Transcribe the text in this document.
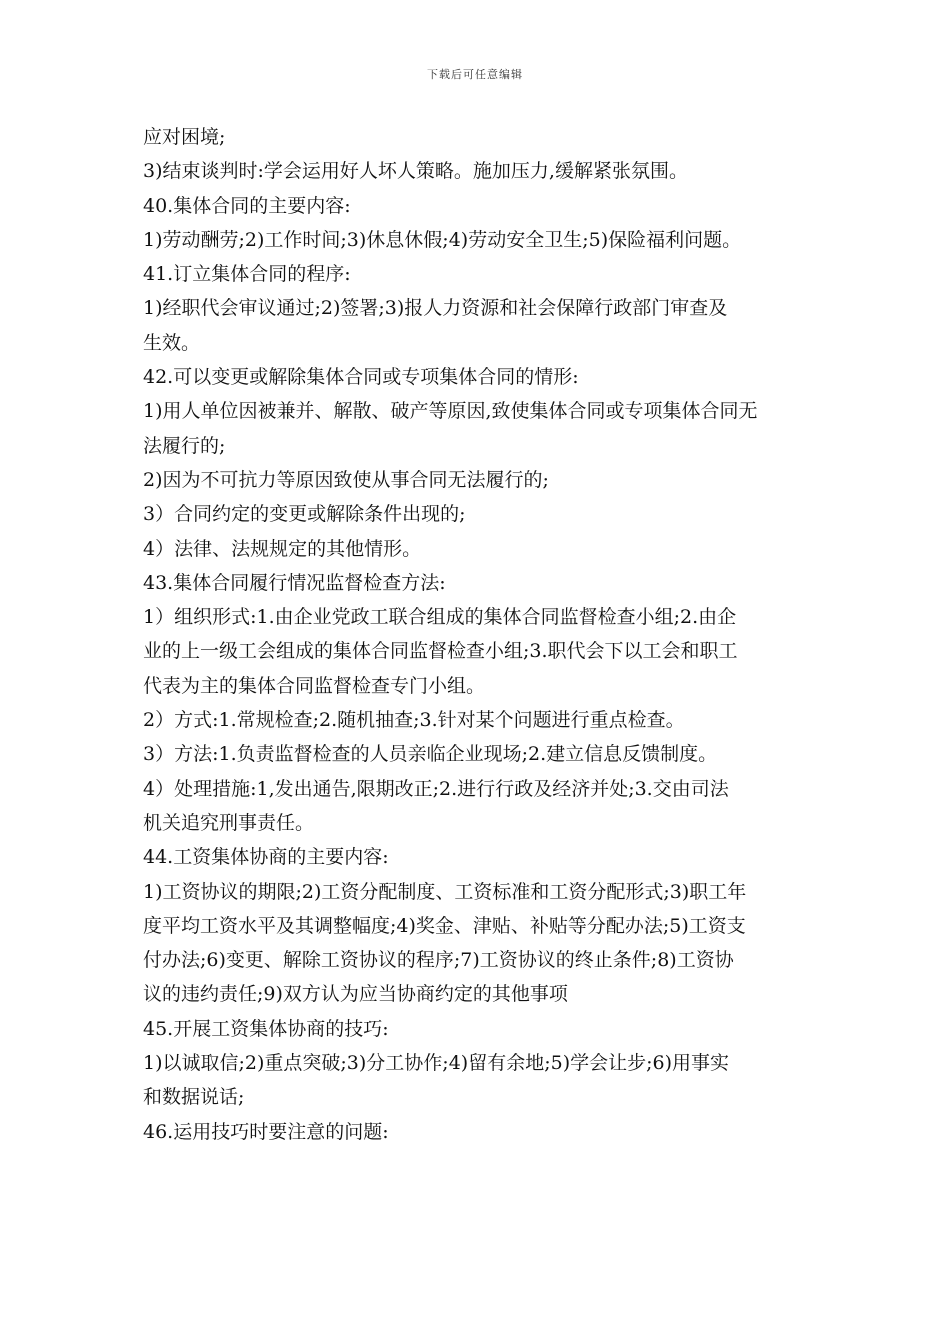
下载后可任意编辑
应对困境;
3)结束谈判时:学会运用好人坏人策略。施加压力,缓解紧张氛围。
40.集体合同的主要内容:
1)劳动酬劳;2)工作时间;3)休息休假;4)劳动安全卫生;5)保险福利问题。
41.订立集体合同的程序:
1)经职代会审议通过;2)签署;3)报人力资源和社会保障行政部门审查及
生效。
42.可以变更或解除集体合同或专项集体合同的情形:
1)用人单位因被兼并、解散、破产等原因,致使集体合同或专项集体合同无
法履行的;
2)因为不可抗力等原因致使从事合同无法履行的;
3）合同约定的变更或解除条件出现的;
4）法律、法规规定的其他情形。
43.集体合同履行情况监督检查方法:
1）组织形式:1.由企业党政工联合组成的集体合同监督检查小组;2.由企
业的上一级工会组成的集体合同监督检查小组;3.职代会下以工会和职工
代表为主的集体合同监督检查专门小组。
2）方式:1.常规检查;2.随机抽查;3.针对某个问题进行重点检查。
3）方法:1.负责监督检查的人员亲临企业现场;2.建立信息反馈制度。
4）处理措施:1,发出通告,限期改正;2.进行行政及经济并处;3.交由司法
机关追究刑事责任。
44.工资集体协商的主要内容:
1)工资协议的期限;2)工资分配制度、工资标准和工资分配形式;3)职工年
度平均工资水平及其调整幅度;4)奖金、津贴、补贴等分配办法;5)工资支
付办法;6)变更、解除工资协议的程序;7)工资协议的终止条件;8)工资协
议的违约责任;9)双方认为应当协商约定的其他事项
45.开展工资集体协商的技巧:
1)以诚取信;2)重点突破;3)分工协作;4)留有余地;5)学会让步;6)用事实
和数据说话;
46.运用技巧时要注意的问题:
